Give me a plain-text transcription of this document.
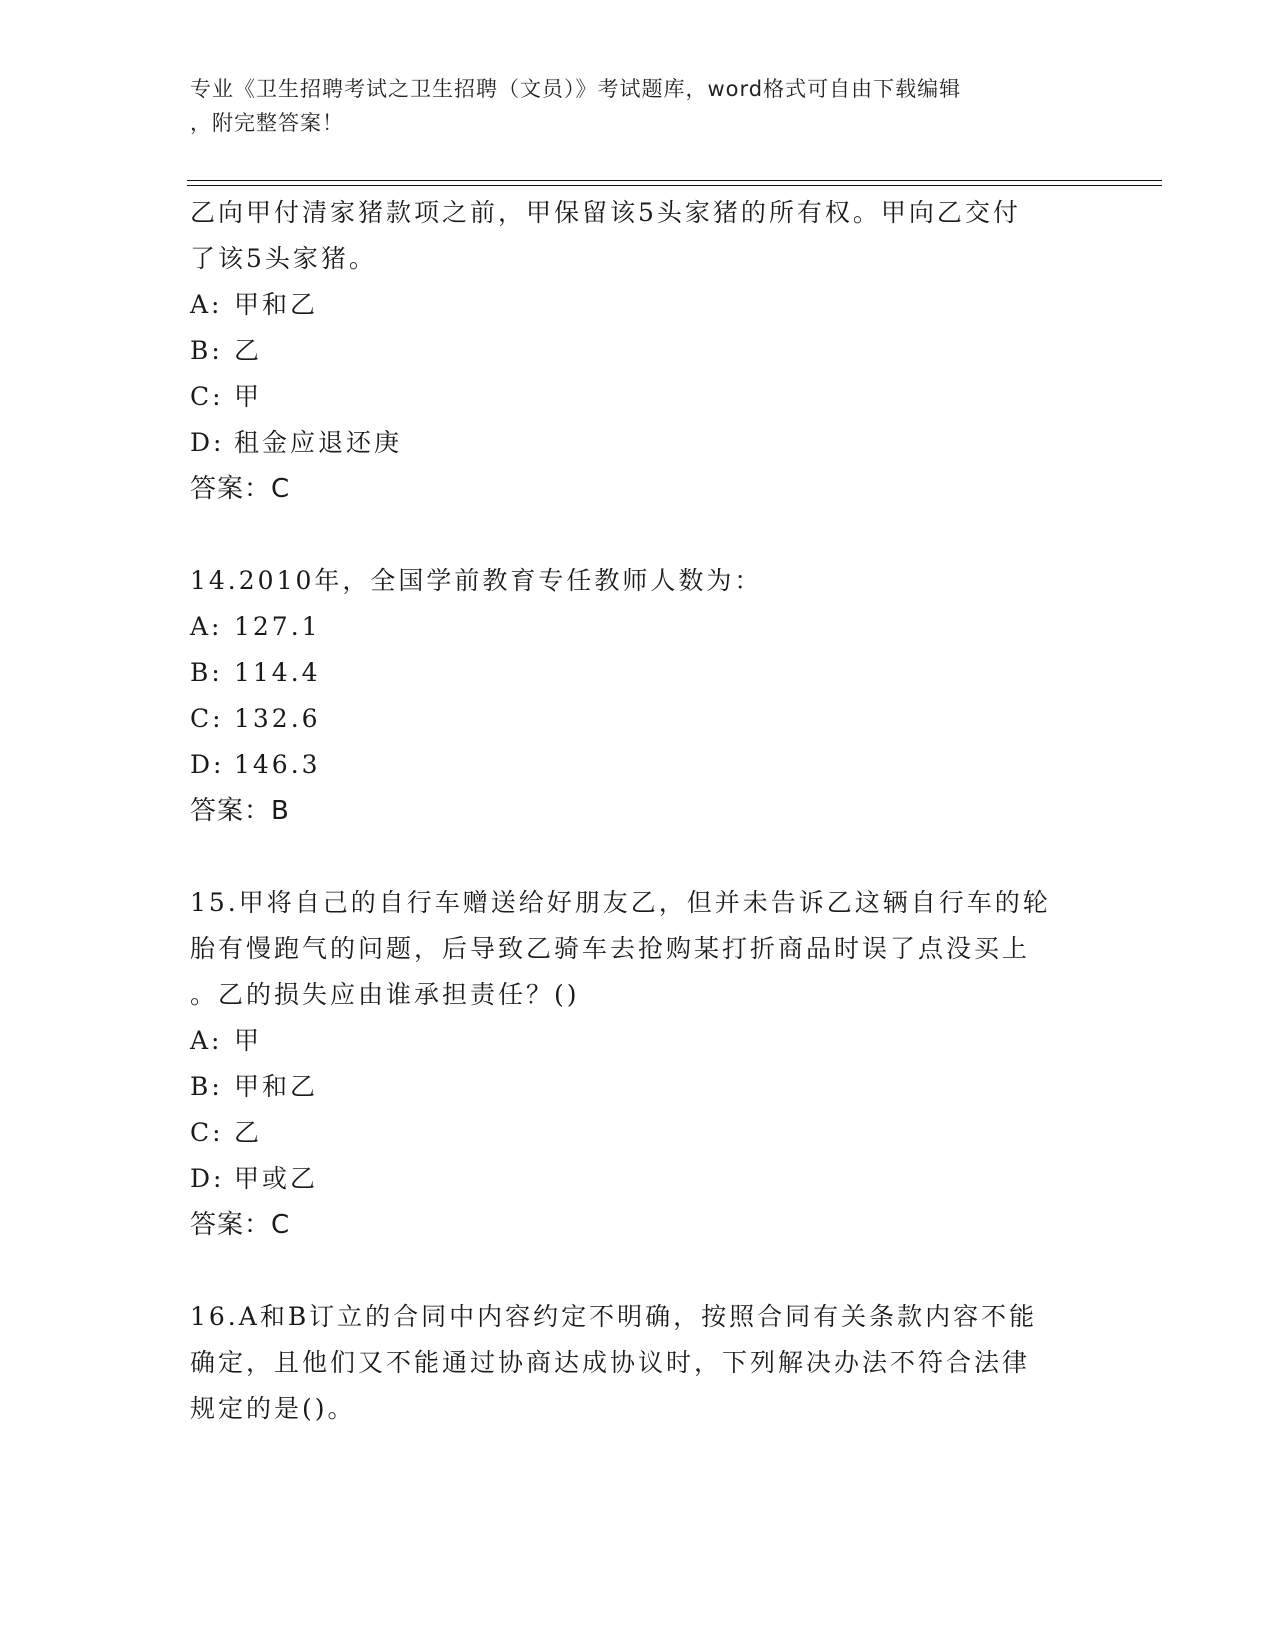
专业《卫生招聘考试之卫生招聘（文员）》考试题库，word格式可自由下载编辑
，附完整答案！
乙向甲付清家猪款项之前，甲保留该5头家猪的所有权。甲向乙交付
了该5头家猪。
A: 甲和乙
B: 乙
C: 甲
D: 租金应退还庚
答案：C
14.2010年，全国学前教育专任教师人数为：
A: 127.1
B: 114.4
C: 132.6
D: 146.3
答案：B
15.甲将自己的自行车赠送给好朋友乙，但并未告诉乙这辆自行车的轮
胎有慢跑气的问题，后导致乙骑车去抢购某打折商品时误了点没买上
。乙的损失应由谁承担责任？()
A: 甲
B: 甲和乙
C: 乙
D: 甲或乙
答案：C
16.A和B订立的合同中内容约定不明确，按照合同有关条款内容不能
确定，且他们又不能通过协商达成协议时，下列解决办法不符合法律
规定的是()。
